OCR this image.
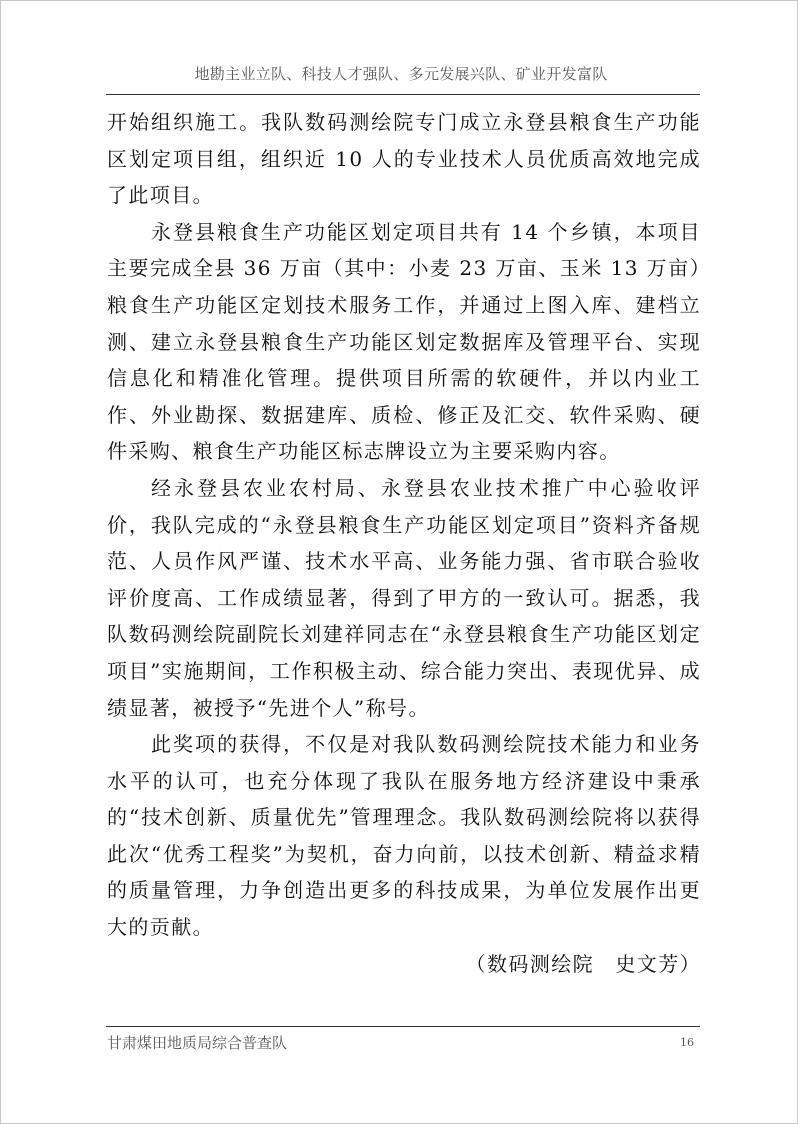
地勘主业立队、科技人才强队、多元发展兴队、矿业开发富队

开始组织施工。我队数码测绘院专门成立永登县粮食生产功能区划定项目组，组织近 10 人的专业技术人员优质高效地完成了此项目。

永登县粮食生产功能区划定项目共有 14 个乡镇，本项目主要完成全县 36 万亩（其中：小麦 23 万亩、玉米 13 万亩）粮食生产功能区定划技术服务工作，并通过上图入库、建档立测、建立永登县粮食生产功能区划定数据库及管理平台、实现信息化和精准化管理。提供项目所需的软硬件，并以内业工作、外业勘探、数据建库、质检、修正及汇交、软件采购、硬件采购、粮食生产功能区标志牌设立为主要采购内容。

经永登县农业农村局、永登县农业技术推广中心验收评价，我队完成的“永登县粮食生产功能区划定项目”资料齐备规范、人员作风严谨、技术水平高、业务能力强、省市联合验收评价度高、工作成绩显著，得到了甲方的一致认可。据悉，我队数码测绘院副院长刘建祥同志在“永登县粮食生产功能区划定项目”实施期间，工作积极主动、综合能力突出、表现优异、成绩显著，被授予“先进个人”称号。

此奖项的获得，不仅是对我队数码测绘院技术能力和业务水平的认可，也充分体现了我队在服务地方经济建设中秉承的“技术创新、质量优先”管理理念。我队数码测绘院将以获得此次“优秀工程奖”为契机，奋力向前，以技术创新、精益求精的质量管理，力争创造出更多的科技成果，为单位发展作出更大的贡献。

（数码测绘院　史文芳）

甘肃煤田地质局综合普查队	16
